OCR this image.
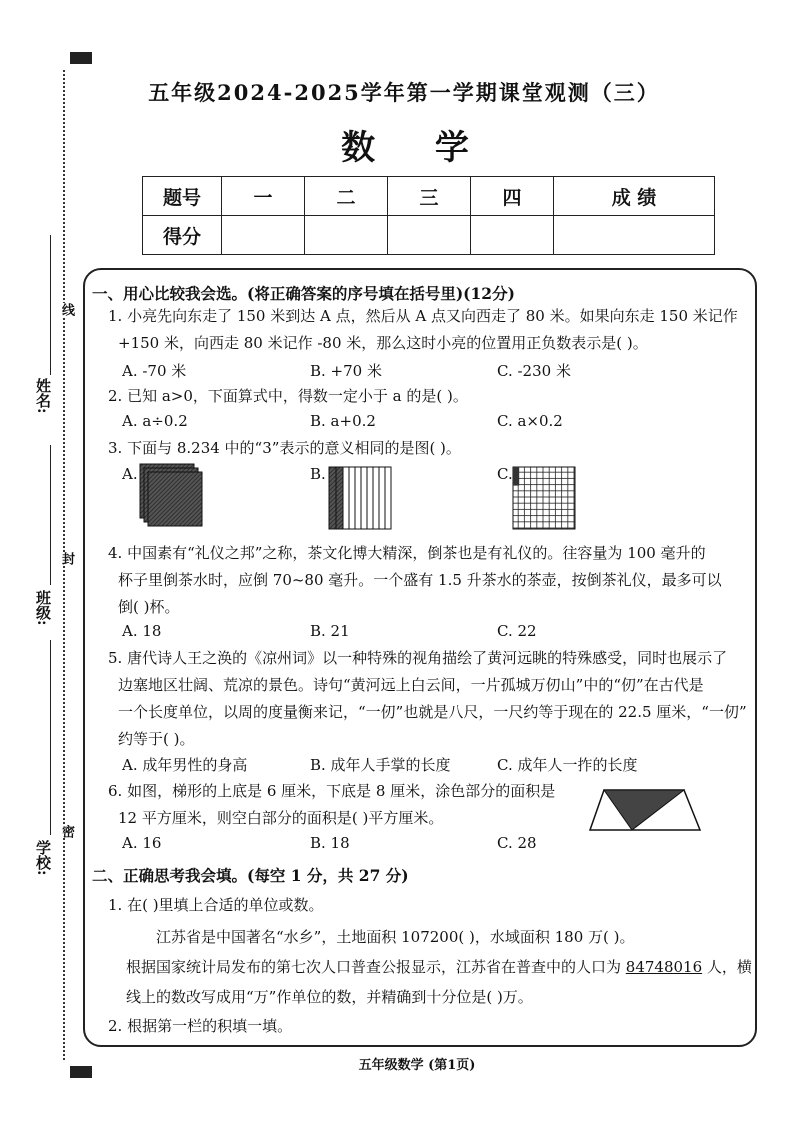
姓名:
班级:
学校:
线
封
密
五年级2024-2025学年第一学期课堂观测（三）
数 学
题号	一	二	三	四	成 绩
得分					
一、用心比较我会选。(将正确答案的序号填在括号里)(12分)
1. 小亮先向东走了 150 米到达 A 点，然后从 A 点又向西走了 80 米。如果向东走 150 米记作
+150 米，向西走 80 米记作 -80 米，那么这时小亮的位置用正负数表示是( )。
A. -70 米	B. +70 米	C. -230 米
2. 已知 a>0，下面算式中，得数一定小于 a 的是( )。
A. a÷0.2	B. a+0.2	C. a×0.2
3. 下面与 8.234 中的“3”表示的意义相同的是图( )。
A.	B.	C.
4. 中国素有“礼仪之邦”之称，茶文化博大精深，倒茶也是有礼仪的。往容量为 100 毫升的
杯子里倒茶水时，应倒 70~80 毫升。一个盛有 1.5 升茶水的茶壶，按倒茶礼仪，最多可以
倒( )杯。
A. 18	B. 21	C. 22
5. 唐代诗人王之涣的《凉州词》以一种特殊的视角描绘了黄河远眺的特殊感受，同时也展示了
边塞地区壮阔、荒凉的景色。诗句“黄河远上白云间，一片孤城万仞山”中的“仞”在古代是
一个长度单位，以周的度量衡来记，“一仞”也就是八尺，一尺约等于现在的 22.5 厘米，“一仞”
约等于( )。
A. 成年男性的身高	B. 成年人手掌的长度	C. 成年人一拃的长度
6. 如图，梯形的上底是 6 厘米，下底是 8 厘米，涂色部分的面积是
12 平方厘米，则空白部分的面积是( )平方厘米。
A. 16	B. 18	C. 28
二、正确思考我会填。(每空 1 分，共 27 分)
1. 在( )里填上合适的单位或数。
江苏省是中国著名“水乡”，土地面积 107200( )，水域面积 180 万( )。
根据国家统计局发布的第七次人口普查公报显示，江苏省在普查中的人口为 84748016 人，横
线上的数改写成用“万”作单位的数，并精确到十分位是( )万。
2. 根据第一栏的积填一填。
五年级数学 (第1页)
